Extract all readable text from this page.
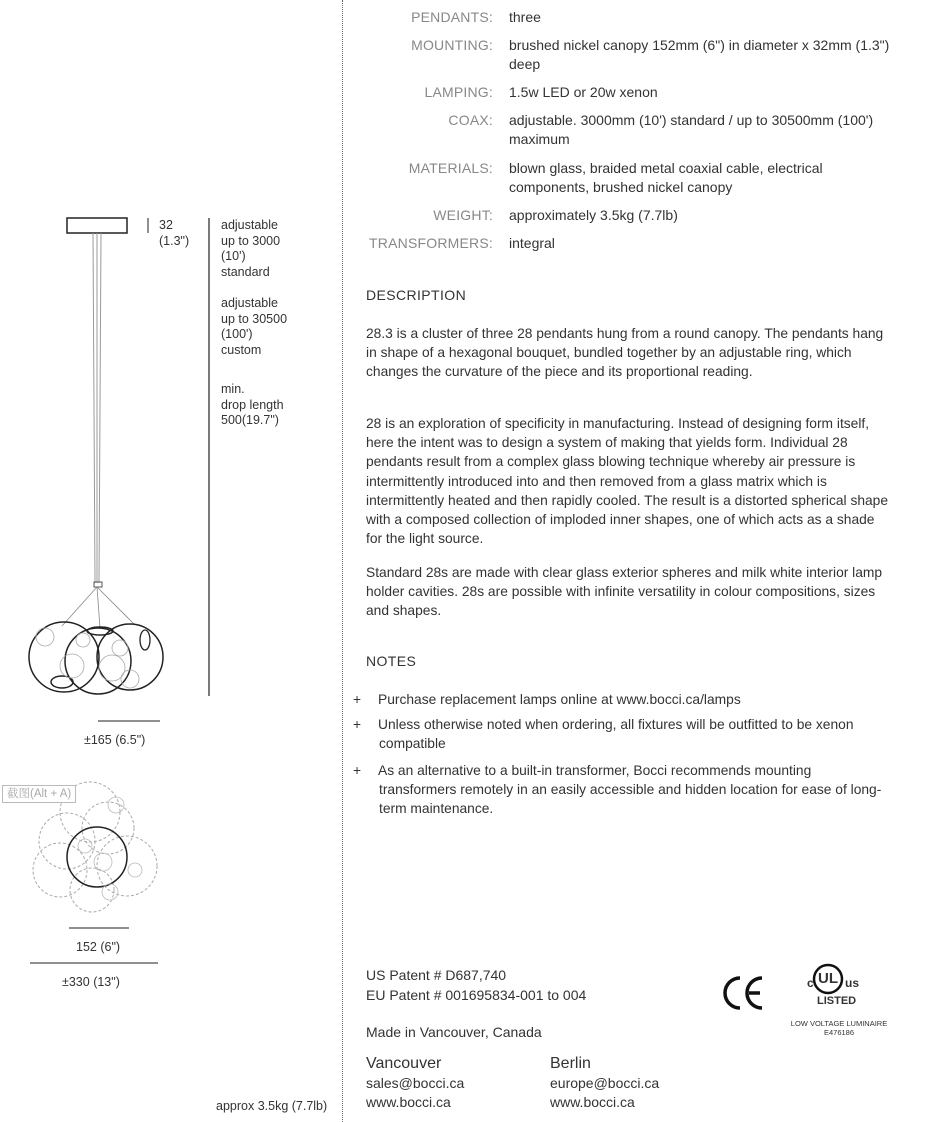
32
(1.3")
adjustable
up to 3000
(10')
standard
adjustable
up to 30500
(100')
custom
min.
drop length
500(19.7")
±165 (6.5")
152 (6")
±330 (13")
approx 3.5kg (7.7lb)
截图(Alt + A)
PENDANTS: three
MOUNTING: brushed nickel canopy 152mm (6") in diameter x 32mm (1.3") deep
LAMPING: 1.5w LED or 20w xenon
COAX: adjustable. 3000mm (10') standard / up to 30500mm (100') maximum
MATERIALS: blown glass, braided metal coaxial cable, electrical components, brushed nickel canopy
WEIGHT: approximately 3.5kg (7.7lb)
TRANSFORMERS: integral
DESCRIPTION
28.3 is a cluster of three 28 pendants hung from a round canopy. The pendants hang in shape of a hexagonal bouquet, bundled together by an adjustable ring, which changes the curvature of the piece and its proportional reading.
28 is an exploration of specificity in manufacturing. Instead of designing form itself, here the intent was to design a system of making that yields form. Individual 28 pendants result from a complex glass blowing technique whereby air pressure is intermittently introduced into and then removed from a glass matrix which is intermittently heated and then rapidly cooled. The result is a distorted spherical shape with a composed collection of imploded inner shapes, one of which acts as a shade for the light source.
Standard 28s are made with clear glass exterior spheres and milk white interior lamp holder cavities. 28s are possible with infinite versatility in colour compositions, sizes and shapes.
NOTES
+ Purchase replacement lamps online at www.bocci.ca/lamps
+ Unless otherwise noted when ordering, all fixtures will be outfitted to be xenon compatible
+ As an alternative to a built-in transformer, Bocci recommends mounting transformers remotely in an easily accessible and hidden location for ease of long-term maintenance.
US Patent # D687,740
EU Patent # 001695834-001 to 004
Made in Vancouver, Canada
Vancouver
sales@bocci.ca
www.bocci.ca
Berlin
europe@bocci.ca
www.bocci.ca
c UL us
LISTED
LOW VOLTAGE LUMINAIRE
E476186
